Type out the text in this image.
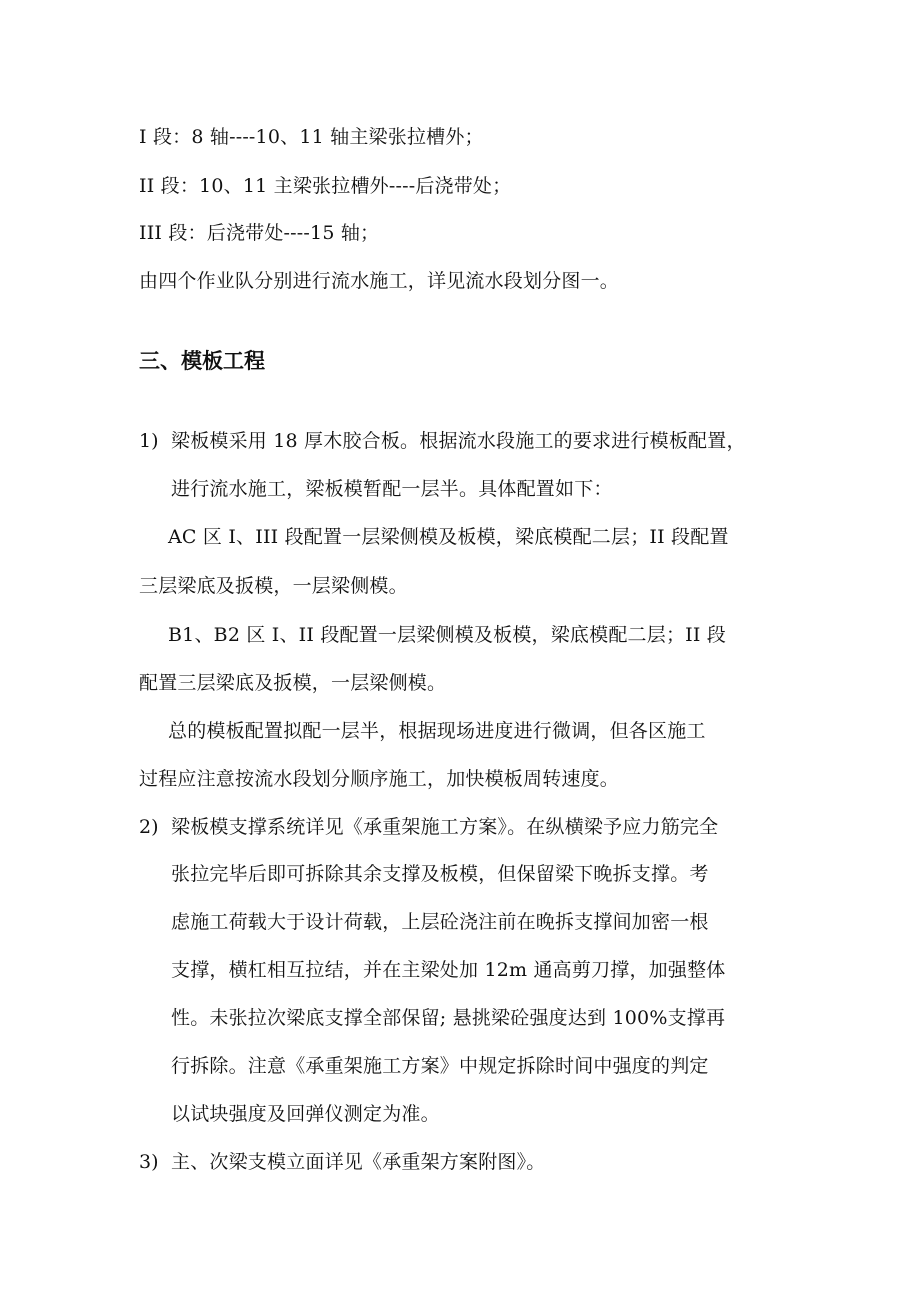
I 段：8 轴----10、11 轴主梁张拉槽外；
II 段：10、11 主梁张拉槽外----后浇带处；
III 段：后浇带处----15 轴；
由四个作业队分别进行流水施工，详见流水段划分图一。
三、模板工程
1) 梁板模采用 18 厚木胶合板。根据流水段施工的要求进行模板配置，
进行流水施工，梁板模暂配一层半。具体配置如下：
AC 区 I、III 段配置一层梁侧模及板模，梁底模配二层；II 段配置
三层梁底及扳模，一层梁侧模。
B1、B2 区 I、II 段配置一层梁侧模及板模，梁底模配二层；II 段
配置三层梁底及扳模，一层梁侧模。
总的模板配置拟配一层半，根据现场进度进行微调，但各区施工
过程应注意按流水段划分顺序施工，加快模板周转速度。
2) 梁板模支撑系统详见《承重架施工方案》。在纵横梁予应力筋完全
张拉完毕后即可拆除其余支撑及板模，但保留梁下晚拆支撑。考
虑施工荷载大于设计荷载，上层砼浇注前在晚拆支撑间加密一根
支撑，横杠相互拉结，并在主梁处加 12m 通高剪刀撑，加强整体
性。未张拉次梁底支撑全部保留; 悬挑梁砼强度达到 100%支撑再
行拆除。注意《承重架施工方案》中规定拆除时间中强度的判定
以试块强度及回弹仪测定为准。
3) 主、次梁支模立面详见《承重架方案附图》。
